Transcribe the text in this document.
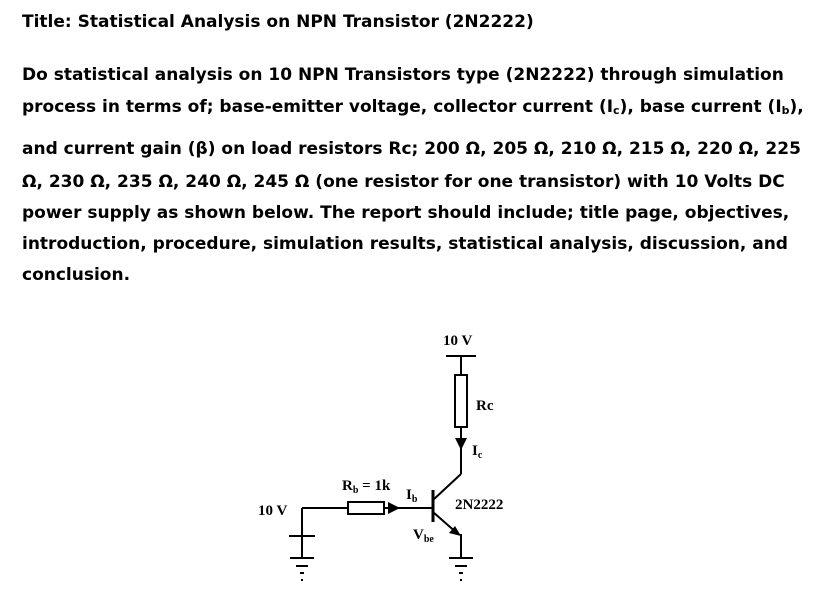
Title: Statistical Analysis on NPN Transistor (2N2222)
Do statistical analysis on 10 NPN Transistors type (2N2222) through simulation
process in terms of; base-emitter voltage, collector current (Ic), base current (Ib),
and current gain (β) on load resistors Rc; 200 Ω, 205 Ω, 210 Ω, 215 Ω, 220 Ω, 225
Ω, 230 Ω, 235 Ω, 240 Ω, 245 Ω (one resistor for one transistor) with 10 Volts DC
power supply as shown below. The report should include; title page, objectives,
introduction, procedure, simulation results, statistical analysis, discussion, and
conclusion.
10 V
Rc
$I_c$
2N2222
$V_{be}$
$R_b = 1k$
$I_b$
10 V
